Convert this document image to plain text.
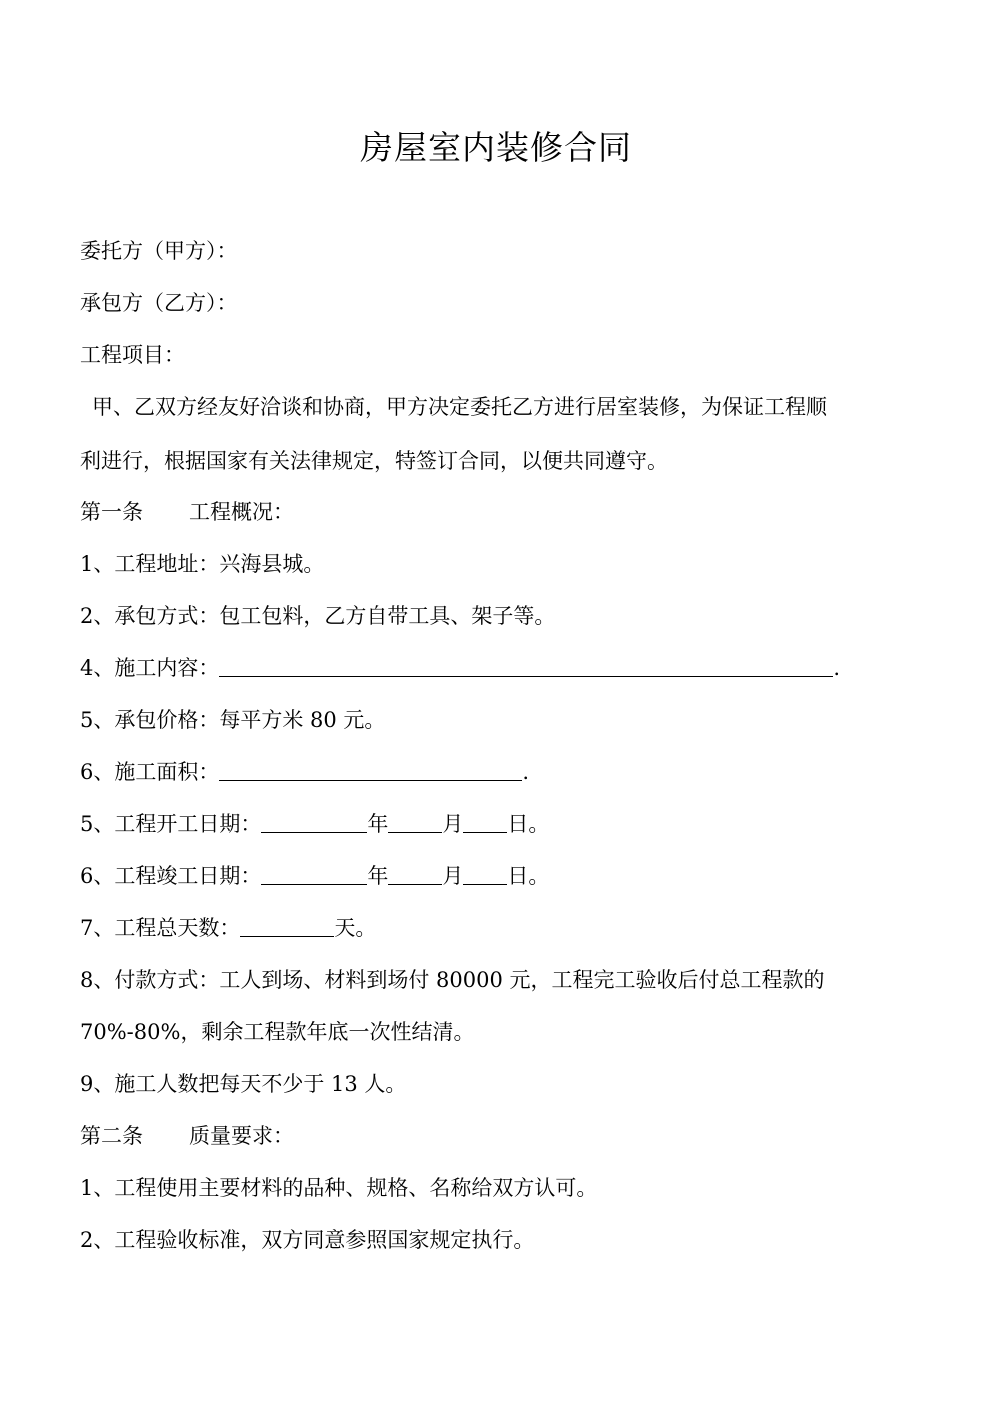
房屋室内装修合同
委托方（甲方）：
承包方（乙方）：
工程项目：
甲、乙双方经友好洽谈和协商，甲方决定委托乙方进行居室装修，为保证工程顺
利进行，根据国家有关法律规定，特签订合同，以便共同遵守。
第一条 工程概况：
1、工程地址：兴海县城。
2、承包方式：包工包料，乙方自带工具、架子等。
4、施工内容：	.
5、承包价格：每平方米 80 元。
6、施工面积：	.
5、工程开工日期：	年	月 日。
6、工程竣工日期：	年	月 日。
7、工程总天数：	天。
8、付款方式：工人到场、材料到场付 80000 元，工程完工验收后付总工程款的
70%-80%，剩余工程款年底一次性结清。
9、施工人数把每天不少于 13 人。
第二条 质量要求：
1、工程使用主要材料的品种、规格、名称给双方认可。
2、工程验收标准，双方同意参照国家规定执行。
